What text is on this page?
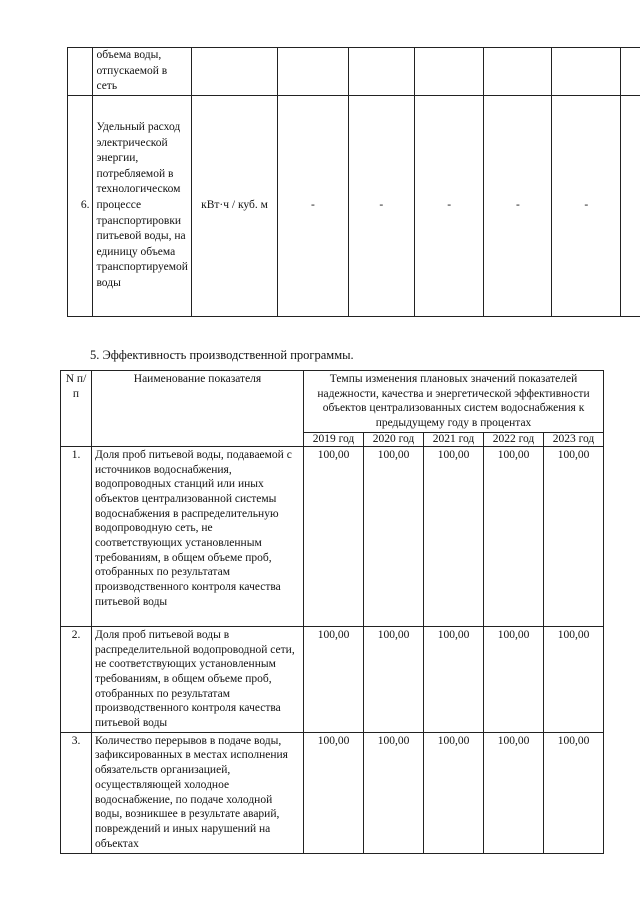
	объема воды, отпускаемой в сеть							
6.	Удельный расход электрической энергии, потребляемой в технологическом процессе транспортировки питьевой воды, на единицу объема транспортируемой воды	кВт·ч / куб. м	-	-	-	-	-	
5. Эффективность производственной программы.
N п/п	Наименование показателя	Темпы изменения плановых значений показателей надежности, качества и энергетической эффективности объектов централизованных систем водоснабжения к предыдущему году в процентах				
		2019 год	2020 год	2021 год	2022 год	2023 год
1.	Доля проб питьевой воды, подаваемой с источников водоснабжения, водопроводных станций или иных объектов централизованной системы водоснабжения в распределительную водопроводную сеть, не соответствующих установленным требованиям, в общем объеме проб, отобранных по результатам производственного контроля качества питьевой воды	100,00	100,00	100,00	100,00	100,00
2.	Доля проб питьевой воды в распределительной водопроводной сети, не соответствующих установленным требованиям, в общем объеме проб, отобранных по результатам производственного контроля качества питьевой воды	100,00	100,00	100,00	100,00	100,00
3.	Количество перерывов в подаче воды, зафиксированных в местах исполнения обязательств организацией, осуществляющей холодное водоснабжение, по подаче холодной воды, возникшее в результате аварий, повреждений и иных нарушений на объектах	100,00	100,00	100,00	100,00	100,00
